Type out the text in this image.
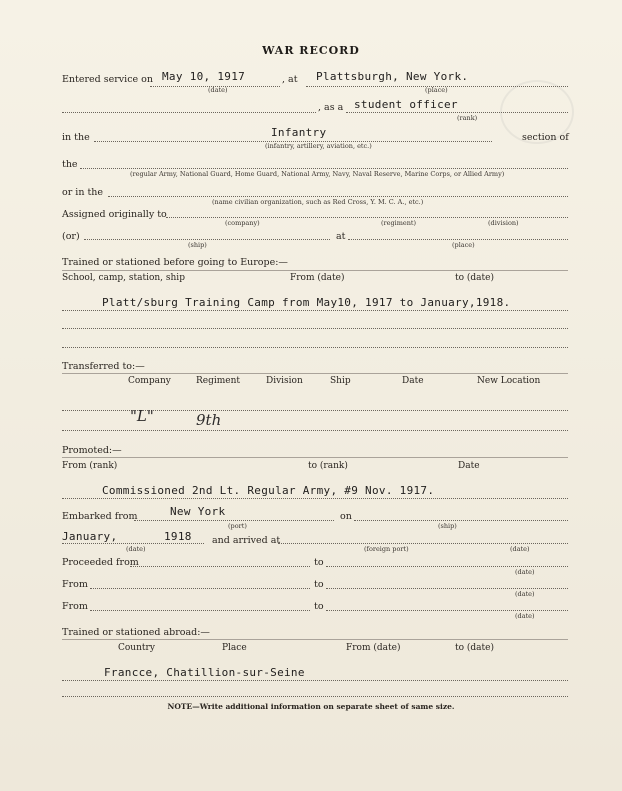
WAR RECORD
Entered service on May 10, 1917
(date)
, at Plattsburgh, New York.
(place)
, as a student officer
(rank)
in the	Infantry
(infantry, artillery, aviation, etc.)
section of
the
(regular Army, National Guard, Home Guard, National Army, Navy, Naval Reserve, Marine Corps, or Allied Army)
or in the
(name civilian organization, such as Red Cross, Y. M. C. A., etc.)
Assigned originally to
(company)	(regiment)	(division)
(or)	at
(ship)	(place)
Trained or stationed before going to Europe:—
School, camp, station, ship	From (date)	to (date)
Platt/sburg Training Camp from May10, 1917 to January,1918.
Transferred to:—
Company	Regiment	Division	Ship	Date	New Location
"L"	9th
Promoted:—
From (rank)	to (rank)	Date
Commissioned 2nd Lt. Regular Army, #9 Nov. 1917.
Embarked from	New York
(port)
on
(ship)
January,	1918
(date)
and arrived at
(foreign port)	(date)
Proceeded from	to
(date)
From	to
(date)
From	to
(date)
Trained or stationed abroad:—
Country	Place	From (date)	to (date)
Francce, Chatillion-sur-Seine
NOTE—Write additional information on separate sheet of same size.
